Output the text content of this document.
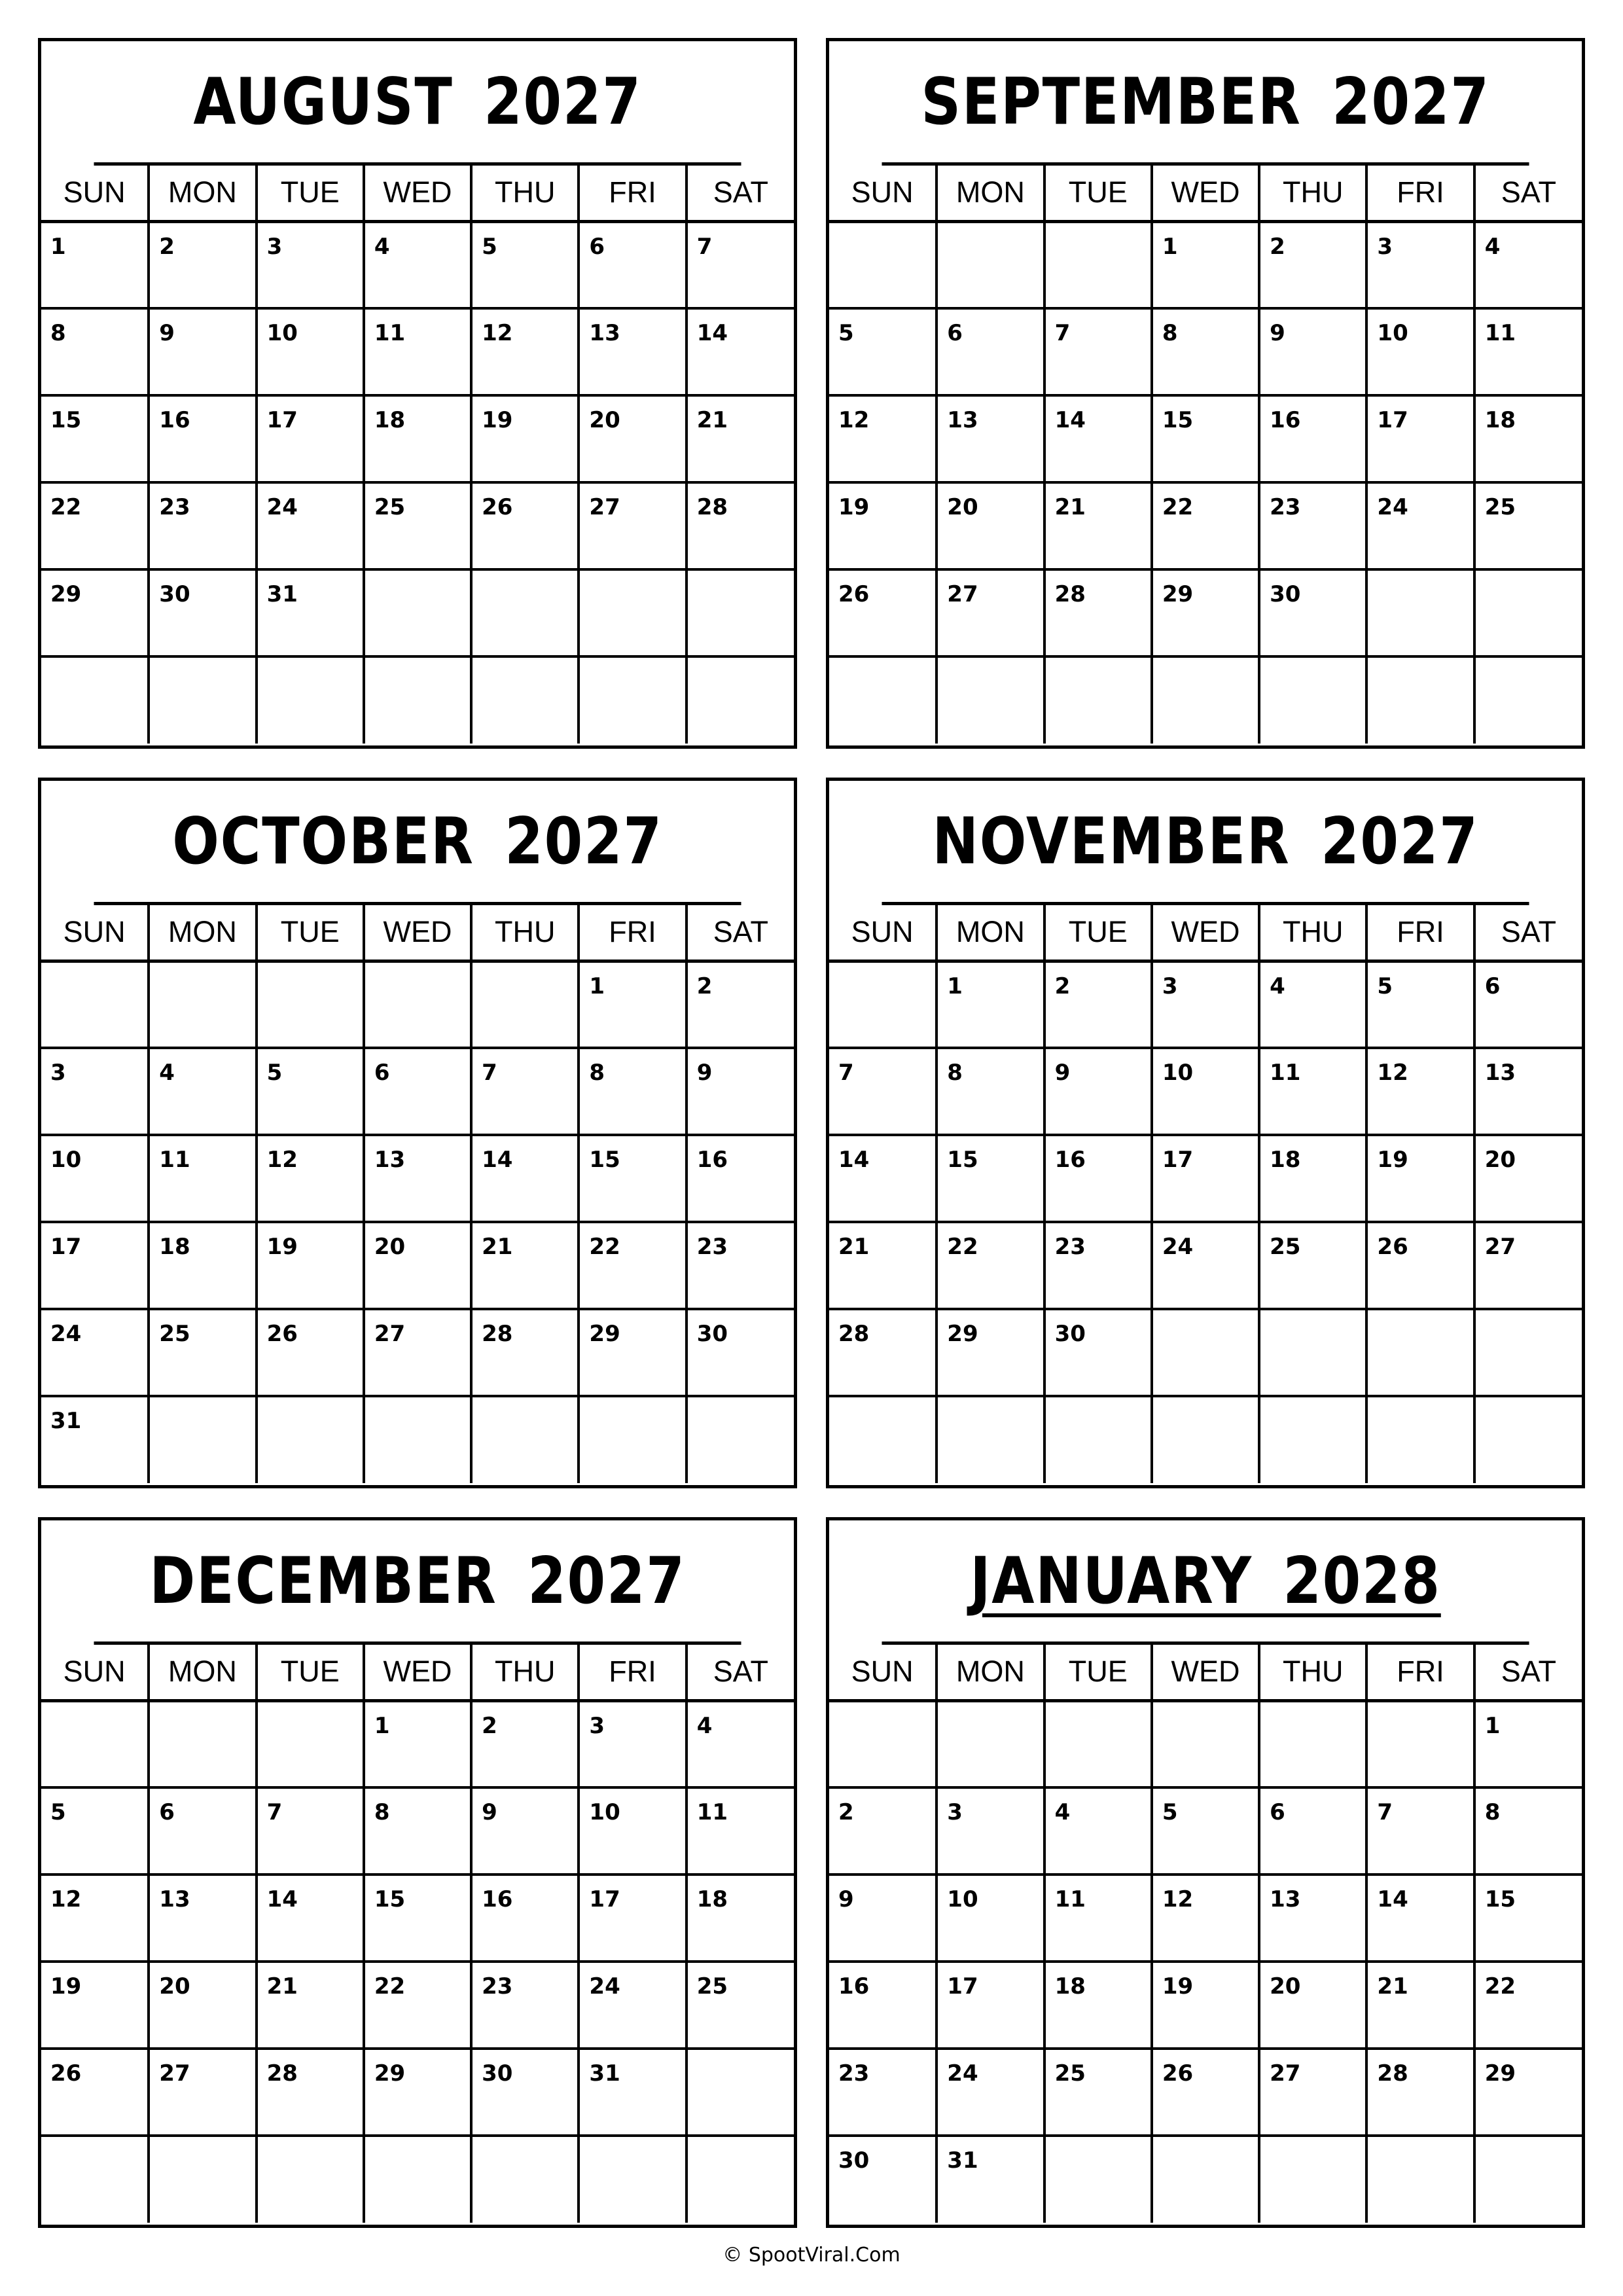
AUGUST 2027
SUN	MON	TUE	WED	THU	FRI	SAT
1	2	3	4	5	6	7
8	9	10	11	12	13	14
15	16	17	18	19	20	21
22	23	24	25	26	27	28
29	30	31				

SEPTEMBER 2027
SUN	MON	TUE	WED	THU	FRI	SAT
			1	2	3	4
5	6	7	8	9	10	11
12	13	14	15	16	17	18
19	20	21	22	23	24	25
26	27	28	29	30		

OCTOBER 2027
SUN	MON	TUE	WED	THU	FRI	SAT
					1	2
3	4	5	6	7	8	9
10	11	12	13	14	15	16
17	18	19	20	21	22	23
24	25	26	27	28	29	30
31						
NOVEMBER 2027
SUN	MON	TUE	WED	THU	FRI	SAT
	1	2	3	4	5	6
7	8	9	10	11	12	13
14	15	16	17	18	19	20
21	22	23	24	25	26	27
28	29	30				

DECEMBER 2027
SUN	MON	TUE	WED	THU	FRI	SAT
			1	2	3	4
5	6	7	8	9	10	11
12	13	14	15	16	17	18
19	20	21	22	23	24	25
26	27	28	29	30	31	

JANUARY 2028
SUN	MON	TUE	WED	THU	FRI	SAT
						1
2	3	4	5	6	7	8
9	10	11	12	13	14	15
16	17	18	19	20	21	22
23	24	25	26	27	28	29
30	31					
© SpootViral.Com
